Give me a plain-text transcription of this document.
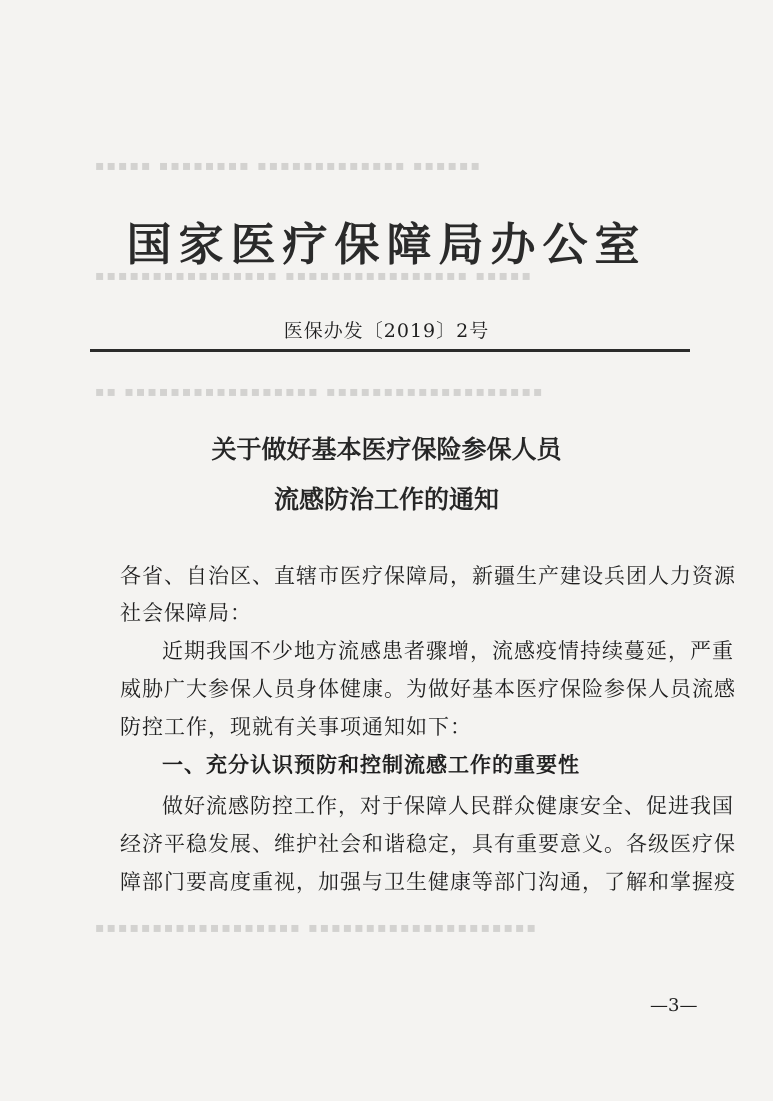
▪▪▪▪▪ ▪▪▪▪▪▪▪▪ ▪▪▪▪▪▪▪▪▪▪▪▪▪ ▪▪▪▪▪▪
▪▪▪▪▪▪▪▪▪▪▪▪▪▪▪▪ ▪▪▪▪▪▪▪▪▪▪▪▪▪▪▪▪ ▪▪▪▪▪
▪▪ ▪▪▪▪▪▪▪▪▪▪▪▪▪▪▪▪▪ ▪▪▪▪▪▪▪▪▪▪▪▪▪▪▪▪▪▪▪
▪▪▪▪▪▪▪▪▪▪▪▪▪▪▪▪▪▪ ▪▪▪▪▪▪▪▪▪▪▪▪▪▪▪▪▪▪▪▪
国家医疗保障局办公室
医保办发〔2019〕2号
关于做好基本医疗保险参保人员
流感防治工作的通知
各省、自治区、直辖市医疗保障局，新疆生产建设兵团人力资源
社会保障局：
近期我国不少地方流感患者骤增，流感疫情持续蔓延，严重
威胁广大参保人员身体健康。为做好基本医疗保险参保人员流感
防控工作，现就有关事项通知如下：
一、充分认识预防和控制流感工作的重要性
做好流感防控工作，对于保障人民群众健康安全、促进我国
经济平稳发展、维护社会和谐稳定，具有重要意义。各级医疗保
障部门要高度重视，加强与卫生健康等部门沟通，了解和掌握疫
—3—
